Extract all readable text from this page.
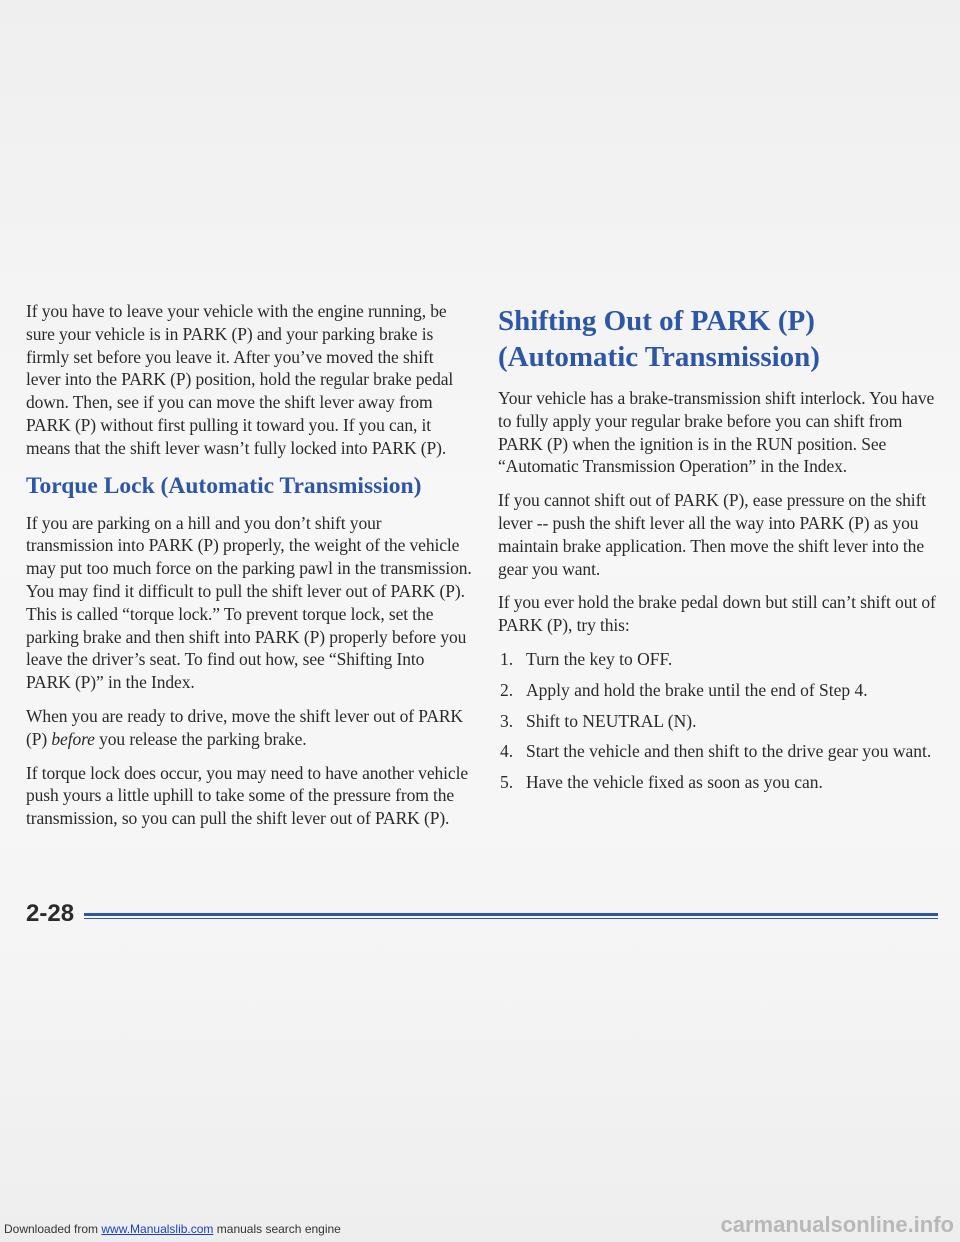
If you have to leave your vehicle with the engine running, be sure your vehicle is in PARK (P) and your parking brake is firmly set before you leave it. After you’ve moved the shift lever into the PARK (P) position, hold the regular brake pedal down. Then, see if you can move the shift lever away from PARK (P) without first pulling it toward you. If you can, it means that the shift lever wasn’t fully locked into PARK (P).

Torque Lock (Automatic Transmission)

If you are parking on a hill and you don’t shift your transmission into PARK (P) properly, the weight of the vehicle may put too much force on the parking pawl in the transmission. You may find it difficult to pull the shift lever out of PARK (P). This is called “torque lock.” To prevent torque lock, set the parking brake and then shift into PARK (P) properly before you leave the driver’s seat. To find out how, see “Shifting Into PARK (P)” in the Index.

When you are ready to drive, move the shift lever out of PARK (P) before you release the parking brake.

If torque lock does occur, you may need to have another vehicle push yours a little uphill to take some of the pressure from the transmission, so you can pull the shift lever out of PARK (P).

Shifting Out of PARK (P)
(Automatic Transmission)

Your vehicle has a brake-transmission shift interlock. You have to fully apply your regular brake before you can shift from PARK (P) when the ignition is in the RUN position. See “Automatic Transmission Operation” in the Index.

If you cannot shift out of PARK (P), ease pressure on the shift lever -- push the shift lever all the way into PARK (P) as you maintain brake application. Then move the shift lever into the gear you want.

If you ever hold the brake pedal down but still can’t shift out of PARK (P), try this:

1. Turn the key to OFF.
2. Apply and hold the brake until the end of Step 4.
3. Shift to NEUTRAL (N).
4. Start the vehicle and then shift to the drive gear you want.
5. Have the vehicle fixed as soon as you can.
2-28
Downloaded from www.Manualslib.com manuals search engine	carmanualsonline.info
